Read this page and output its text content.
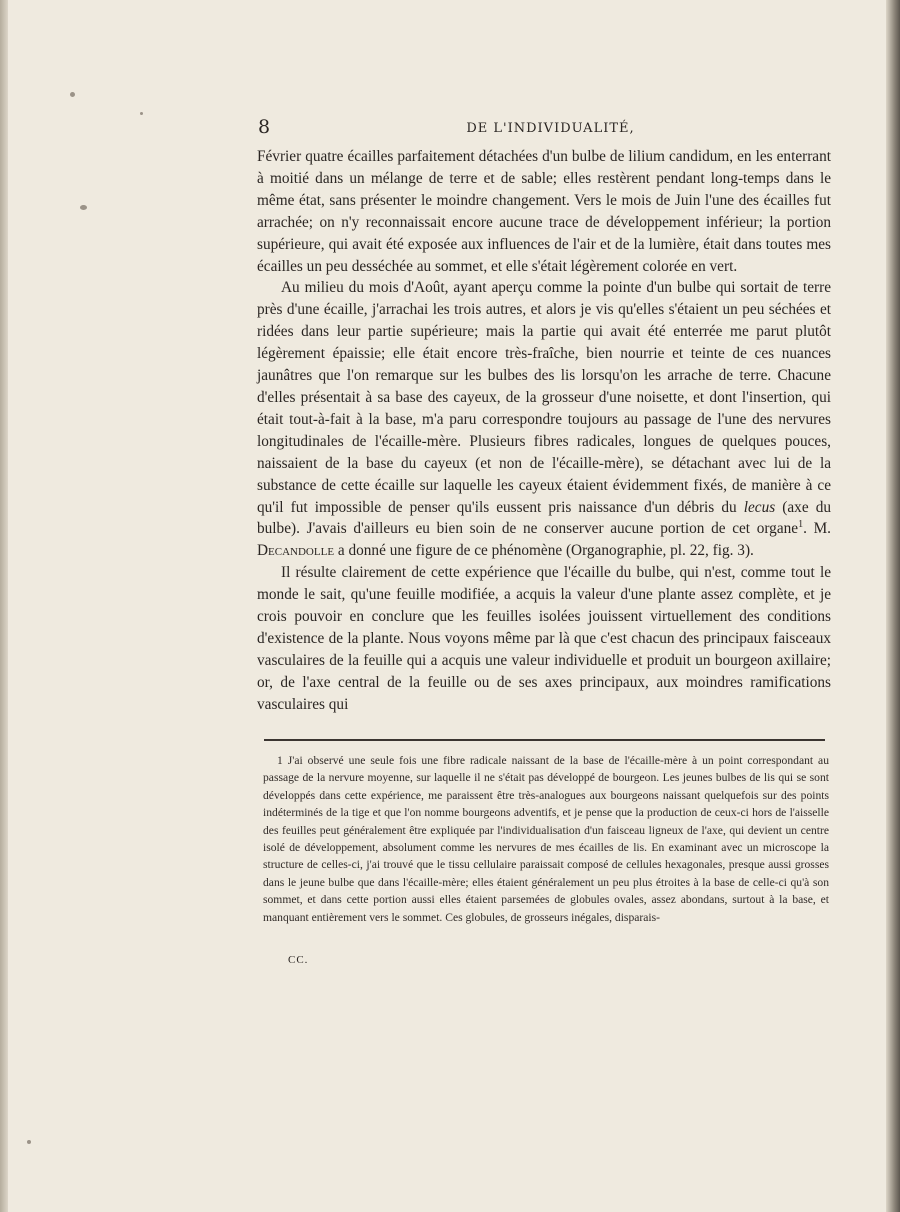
8	DE L'INDIVIDUALITÉ,

Février quatre écailles parfaitement détachées d'un bulbe de lilium candidum, en les enterrant à moitié dans un mélange de terre et de sable; elles restèrent pendant long-temps dans le même état, sans présenter le moindre changement. Vers le mois de Juin l'une des écailles fut arrachée; on n'y reconnaissait encore aucune trace de développement inférieur; la portion supérieure, qui avait été exposée aux influences de l'air et de la lumière, était dans toutes mes écailles un peu desséchée au sommet, et elle s'était légèrement colorée en vert.

Au milieu du mois d'Août, ayant aperçu comme la pointe d'un bulbe qui sortait de terre près d'une écaille, j'arrachai les trois autres, et alors je vis qu'elles s'étaient un peu séchées et ridées dans leur partie supérieure; mais la partie qui avait été enterrée me parut plutôt légèrement épaissie; elle était encore très-fraîche, bien nourrie et teinte de ces nuances jaunâtres que l'on remarque sur les bulbes des lis lorsqu'on les arrache de terre. Chacune d'elles présentait à sa base des cayeux, de la grosseur d'une noisette, et dont l'insertion, qui était tout-à-fait à la base, m'a paru correspondre toujours au passage de l'une des nervures longitudinales de l'écaille-mère. Plusieurs fibres radicales, longues de quelques pouces, naissaient de la base du cayeux (et non de l'écaille-mère), se détachant avec lui de la substance de cette écaille sur laquelle les cayeux étaient évidemment fixés, de manière à ce qu'il fut impossible de penser qu'ils eussent pris naissance d'un débris du lecus (axe du bulbe). J'avais d'ailleurs eu bien soin de ne conserver aucune portion de cet organe$^1$. M. Decandolle a donné une figure de ce phénomène (Organographie, pl. 22, fig. 3).

Il résulte clairement de cette expérience que l'écaille du bulbe, qui n'est, comme tout le monde le sait, qu'une feuille modifiée, a acquis la valeur d'une plante assez complète, et je crois pouvoir en conclure que les feuilles isolées jouissent virtuellement des conditions d'existence de la plante. Nous voyons même par là que c'est chacun des principaux faisceaux vasculaires de la feuille qui a acquis une valeur individuelle et produit un bourgeon axillaire; or, de l'axe central de la feuille ou de ses axes principaux, aux moindres ramifications vasculaires qui

1 J'ai observé une seule fois une fibre radicale naissant de la base de l'écaille-mère à un point correspondant au passage de la nervure moyenne, sur laquelle il ne s'était pas développé de bourgeon. Les jeunes bulbes de lis qui se sont développés dans cette expérience, me paraissent être très-analogues aux bourgeons naissant quelquefois sur des points indéterminés de la tige et que l'on nomme bourgeons adventifs, et je pense que la production de ceux-ci hors de l'aisselle des feuilles peut généralement être expliquée par l'individualisation d'un faisceau ligneux de l'axe, qui devient un centre isolé de développement, absolument comme les nervures de mes écailles de lis. En examinant avec un microscope la structure de celles-ci, j'ai trouvé que le tissu cellulaire paraissait composé de cellules hexagonales, presque aussi grosses dans le jeune bulbe que dans l'écaille-mère; elles étaient généralement un peu plus étroites à la base de celle-ci qu'à son sommet, et dans cette portion aussi elles étaient parsemées de globules ovales, assez abondans, surtout à la base, et manquant entièrement vers le sommet. Ces globules, de grosseurs inégales, disparais-

CC.
